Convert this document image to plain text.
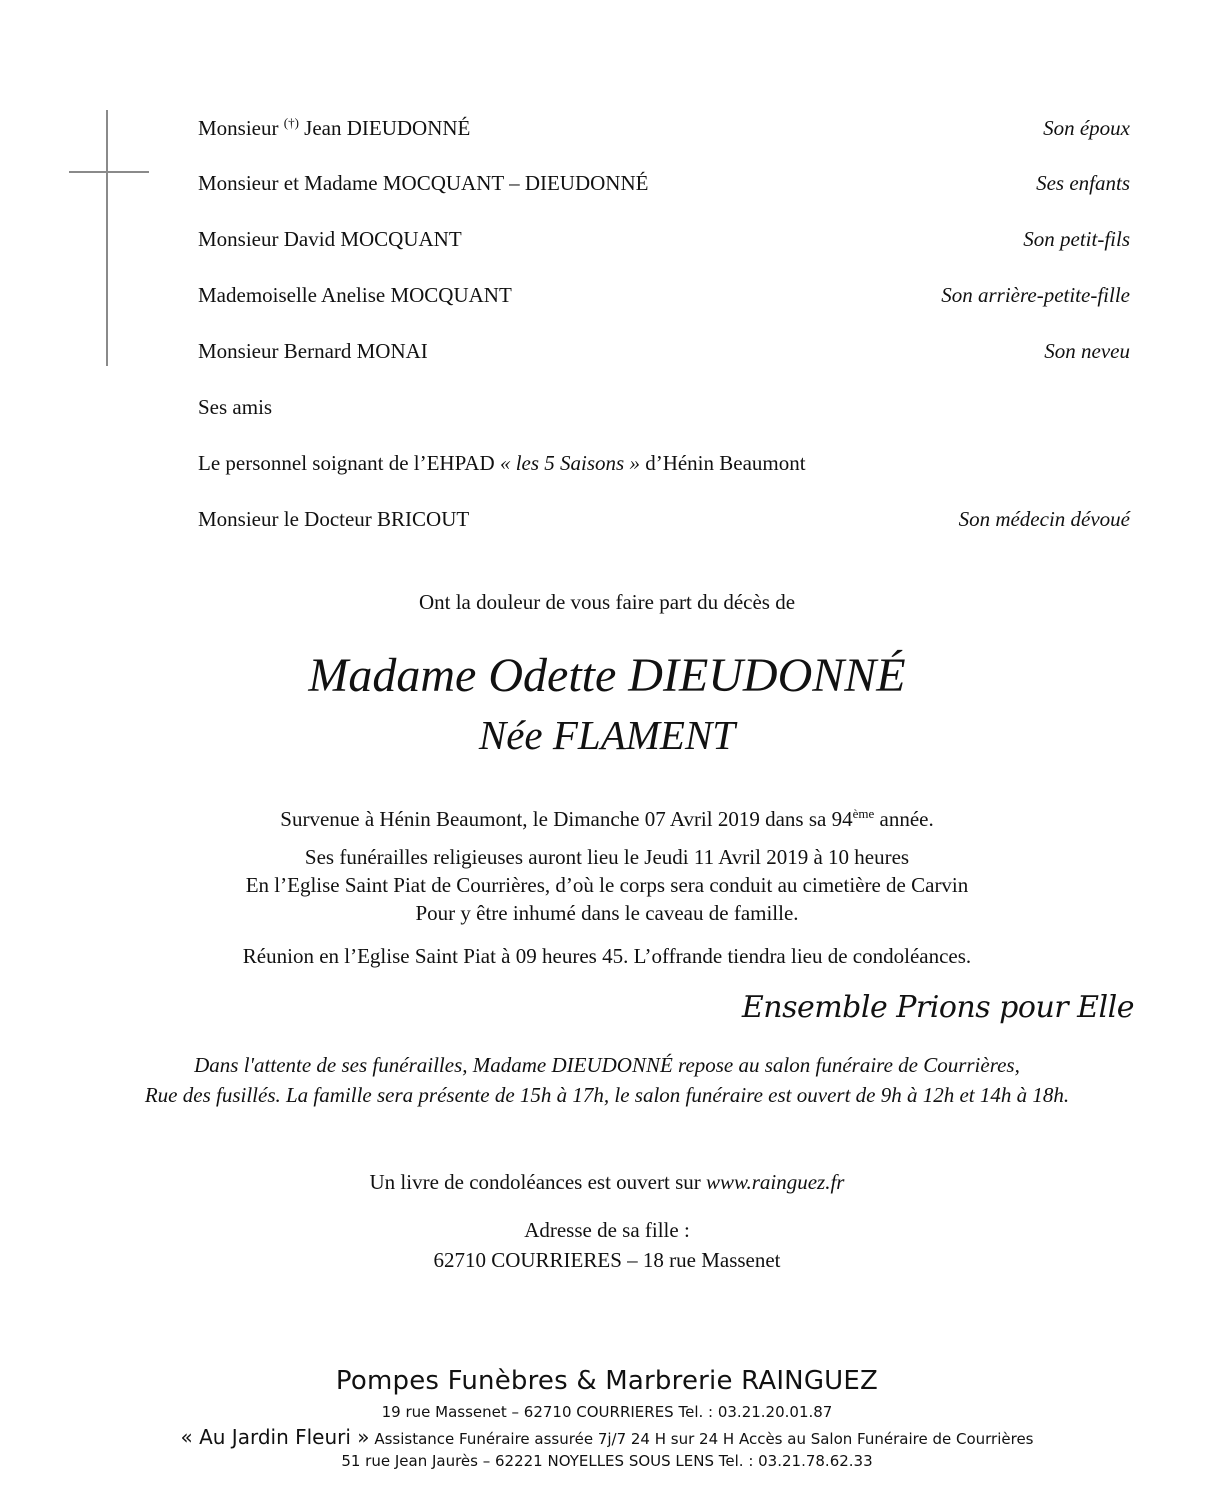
Monsieur (†) Jean DIEUDONNÉ	Son époux
Monsieur et Madame MOCQUANT – DIEUDONNÉ	Ses enfants
Monsieur David MOCQUANT	Son petit-fils
Mademoiselle Anelise MOCQUANT	Son arrière-petite-fille
Monsieur Bernard MONAI	Son neveu
Ses amis
Le personnel soignant de l’EHPAD « les 5 Saisons » d’Hénin Beaumont
Monsieur le Docteur BRICOUT	Son médecin dévoué
Ont la douleur de vous faire part du décès de
Madame Odette DIEUDONNÉ
Née FLAMENT
Survenue à Hénin Beaumont, le Dimanche 07 Avril 2019 dans sa 94ème année.
Ses funérailles religieuses auront lieu le Jeudi 11 Avril 2019 à 10 heures
En l’Eglise Saint Piat de Courrières, d’où le corps sera conduit au cimetière de Carvin
Pour y être inhumé dans le caveau de famille.
Réunion en l’Eglise Saint Piat à 09 heures 45. L’offrande tiendra lieu de condoléances.
Ensemble Prions pour Elle
Dans l'attente de ses funérailles, Madame DIEUDONNÉ repose au salon funéraire de Courrières,
Rue des fusillés. La famille sera présente de 15h à 17h, le salon funéraire est ouvert de 9h à 12h et 14h à 18h.
Un livre de condoléances est ouvert sur www.rainguez.fr
Adresse de sa fille :
62710 COURRIERES – 18 rue Massenet
Pompes Funèbres & Marbrerie RAINGUEZ
19 rue Massenet – 62710 COURRIERES Tel. : 03.21.20.01.87
« Au Jardin Fleuri » Assistance Funéraire assurée 7j/7 24 H sur 24 H Accès au Salon Funéraire de Courrières
51 rue Jean Jaurès – 62221 NOYELLES SOUS LENS Tel. : 03.21.78.62.33
